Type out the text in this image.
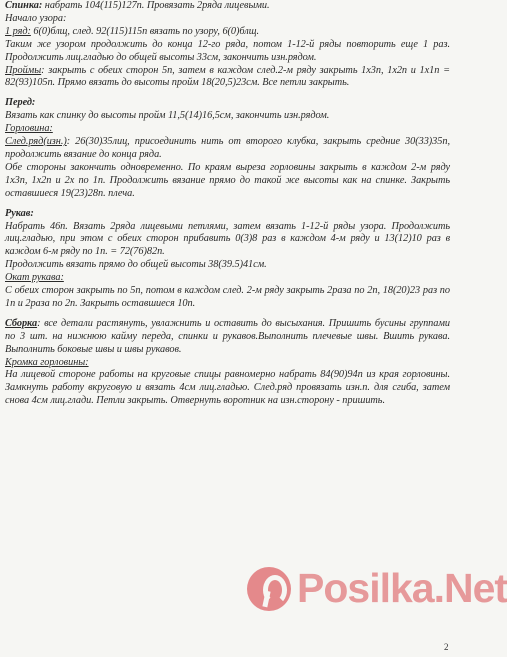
Спинка: набрать 104(115)127п. Провязать 2ряда лицевыми.

Начало узора:

1 ряд: 6(0)блщ, след. 92(115)115п вязать по узору, 6(0)блщ.

Таким же узором продолжить до конца 12-го ряда, потом 1-12-й ряды повторить еще 1 раз. Продолжить лиц.гладью до общей высоты 33см, закончить изн.рядом.

Проймы: закрыть с обеих сторон 5п, затем в каждом след.2-м ряду закрыть 1х3п, 1х2п и 1х1п = 82(93)105п. Прямо вязать до высоты пройм 18(20,5)23см. Все петли закрыть.

Перед:

Вязать как спинку до высоты пройм 11,5(14)16,5см, закончить изн.рядом.

Горловина:

След.ряд(изн.): 26(30)35лиц, присоединить нить от второго клубка, закрыть средние 30(33)35п, продолжить вязание до конца ряда.

Обе стороны закончить одновременно. По краям выреза горловины закрыть в каждом 2-м ряду 1х3п, 1х2п и 2х по 1п. Продолжить вязание прямо до такой же высоты как на спинке. Закрыть оставшиеся 19(23)28п. плеча.

Рукав:

Набрать 46п. Вязать 2ряда лицевыми петлями, затем вязать 1-12-й ряды узора. Продолжить лиц.гладью, при этом с обеих сторон прибавить 0(3)8 раз в каждом 4-м ряду и 13(12)10 раз в каждом 6-м ряду по 1п. = 72(76)82п.

Продолжить вязать прямо до общей высоты 38(39.5)41см.

Окат рукава:

С обеих сторон закрыть по 5п, потом в каждом след. 2-м ряду закрыть 2раза по 2п, 18(20)23 раз по 1п и 2раза по 2п. Закрыть оставшиеся 10п.

Сборка: все детали растянуть, увлажнить и оставить до высыхания. Пришить бусины группами по 3 шт. на нижнюю кайму переда, спинки и рукавов.Выполнить плечевые швы. Вшить рукава. Выполнить боковые швы и швы рукавов.

Кромка горловины:

На лицевой стороне работы на круговые спицы равномерно набрать 84(90)94п из края горловины. Замкнуть работу вкруговую и вязать 4см лиц.гладью. След.ряд провязать изн.п. для сгиба, затем снова 4см лиц.глади. Петли закрыть. Отвернуть воротник на изн.сторону - пришить.

Posilka.Net
2
